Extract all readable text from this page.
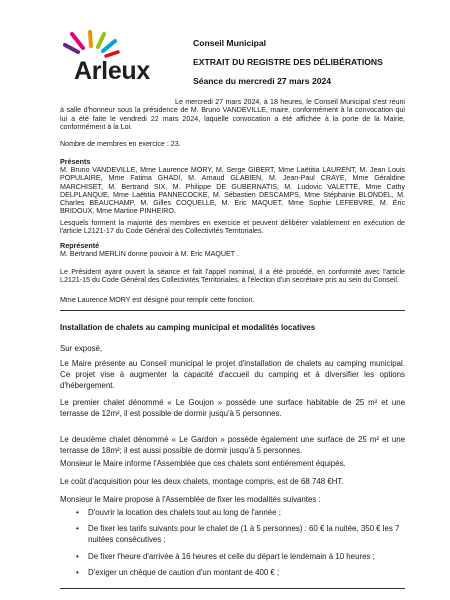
Arleux
Conseil Municipal
EXTRAIT DU REGISTRE DES DÉLIBÉRATIONS
Séance du mercredi 27 mars 2024
Le mercredi 27 mars 2024, à 18 heures, le Conseil Municipal s'est réuni à salle d'honneur sous la présidence de M. Bruno VANDEVILLE, maire, conformément à la convocation qui lui a été faite le vendredi 22 mars 2024, laquelle convocation a été affichée à la porte de la Mairie, conformément à la Loi.
Nombre de membres en exercice : 23.
Présents
M. Bruno VANDEVILLE, Mme Laurence MORY, M. Serge GIBERT, Mme Laëtitia LAURENT, M. Jean Louis POPULAIRE, Mme Fatima GHADI, M. Arnaud GLABIEN, M. Jean-Paul CRAYE, Mme Géraldine MARCHISET, M. Bertrand SIX, M. Philippe DE GUBERNATIS, M. Ludovic VALETTE, Mme Cathy DELPLANQUE, Mme Laëtitia PANNECOCKE, M. Sébastien DESCAMPS, Mme Stéphanie BLONDEL, M. Charles BEAUCHAMP, M. Gilles COQUELLE, M. Eric MAQUET, Mme Sophie LEFEBVRE, M. Éric BRIDOUX, Mme Martine PINHEIRO.
Lesquels forment la majorité des membres en exercice et peuvent délibérer valablement en exécution de l'article L2121-17 du Code Général des Collectivités Territoriales.
Représenté
M. Bertrand MERLIN donne pouvoir à M. Eric MAQUET .
Le Président ayant ouvert la séance et fait l'appel nominal, il a été procédé, en conformité avec l'article L2121-15 du Code Général des Collectivités Territoriales, à l'élection d'un secrétaire pris au sein du Conseil.
Mme Laurence MORY est désigné pour remplir cette fonction.
Installation de chalets au camping municipal et modalités locatives
Sur exposé,
Le Maire présente au Conseil municipal le projet d'installation de chalets au camping municipal. Ce projet vise à augmenter la capacité d'accueil du camping et à diversifier les options d'hébergement.
Le premier chalet dénommé « Le Goujon » possède une surface habitable de 25 m² et une terrasse de 12m², il est possible de dormir jusqu'à 5 personnes.
Le deuxième chalet dénommé « Le Gardon » possède également une surface de 25 m² et une terrasse de 18m²; il est aussi possible de dormir jusqu'à 5 personnes.
Monsieur le Maire informe l'Assemblée que ces chalets sont entièrement équipés.
Le coût d'acquisition pour les deux chalets, montage compris, est de 68 748 €HT.
Monsieur le Maire propose à l'Assemblée de fixer les modalités suivantes :
• D'ouvrir la location des chalets tout au long de l'année ;
• De fixer les tarifs suivants pour le chalet de (1 à 5 personnes) : 60 € la nuitée, 350 € les 7 nuitées consécutives ;
• De fixer l'heure d'arrivée à 16 heures et celle du départ le lendemain à 10 heures ;
• D'exiger un chèque de caution d'un montant de 400 € ;
